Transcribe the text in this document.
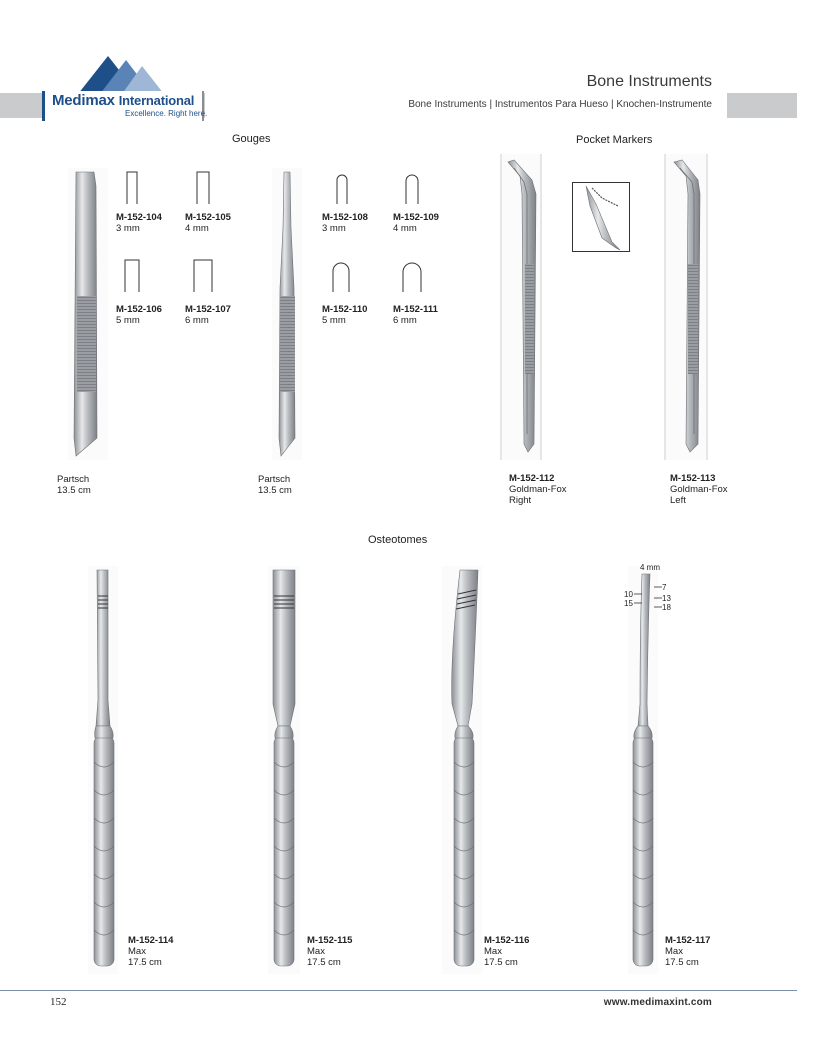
Medimax International
Excellence. Right here.
Bone Instruments
Bone Instruments | Instrumentos Para Hueso | Knochen-Instrumente
Gouges
M-152-104
3 mm
M-152-105
4 mm
M-152-106
5 mm
M-152-107
6 mm
Partsch
13.5 cm
M-152-108
3 mm
M-152-109
4 mm
M-152-110
5 mm
M-152-111
6 mm
Partsch
13.5 cm
Pocket Markers
M-152-112
Goldman-Fox
Right
M-152-113
Goldman-Fox
Left
Osteotomes
4 mm
10
15
7
13
18
M-152-114
Max
17.5 cm
M-152-115
Max
17.5 cm
M-152-116
Max
17.5 cm
M-152-117
Max
17.5 cm
152	www.medimaxint.com
